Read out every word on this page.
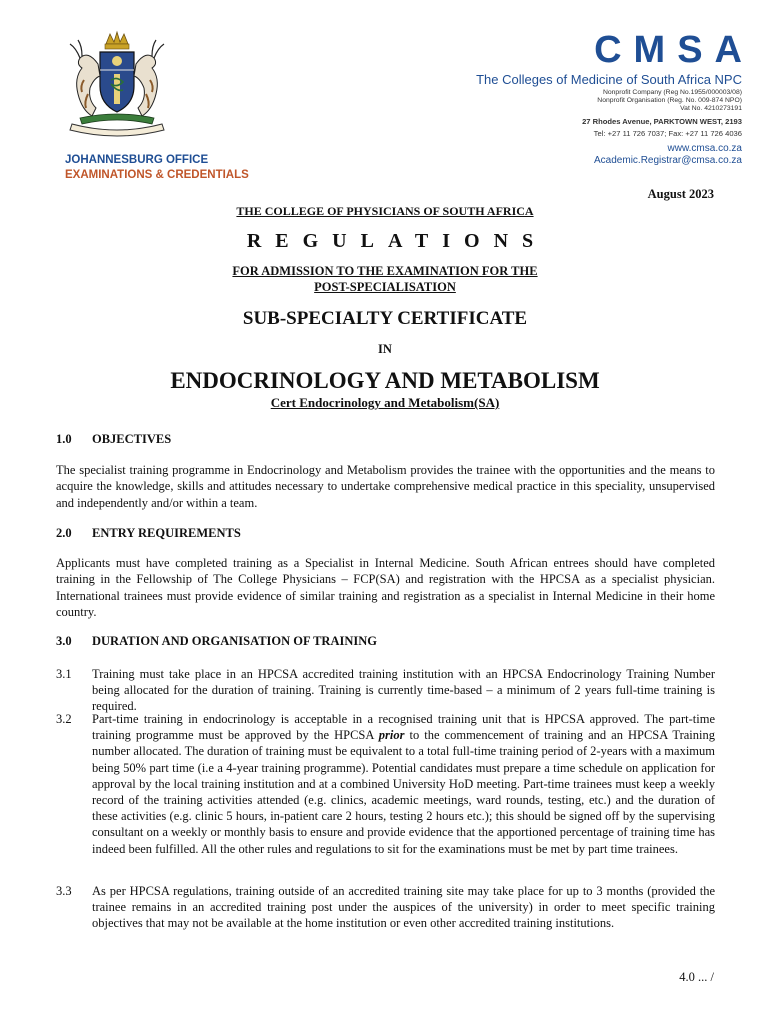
CMSA
The Colleges of Medicine of South Africa NPC
Nonprofit Company (Reg No.1955/000003/08)
Nonprofit Organisation (Reg. No. 009-874 NPO)
Vat No. 4210273191
27 Rhodes Avenue, PARKTOWN WEST, 2193
Tel: +27 11 726 7037; Fax: +27 11 726 4036
www.cmsa.co.za
Academic.Registrar@cmsa.co.za
JOHANNESBURG OFFICE
EXAMINATIONS & CREDENTIALS
August 2023
THE COLLEGE OF PHYSICIANS OF SOUTH AFRICA
REGULATIONS
FOR ADMISSION TO THE EXAMINATION FOR THE
POST-SPECIALISATION
SUB-SPECIALTY CERTIFICATE
IN
ENDOCRINOLOGY AND METABOLISM
Cert Endocrinology and Metabolism(SA)
1.0 OBJECTIVES

The specialist training programme in Endocrinology and Metabolism provides the trainee with the opportunities and the means to acquire the knowledge, skills and attitudes necessary to undertake comprehensive medical practice in this speciality, unsupervised and independently and/or within a team.

2.0 ENTRY REQUIREMENTS

Applicants must have completed training as a Specialist in Internal Medicine. South African entrees should have completed training in the Fellowship of The College Physicians – FCP(SA) and registration with the HPCSA as a specialist physician. International trainees must provide evidence of similar training and registration as a specialist in Internal Medicine in their home country.

3.0 DURATION AND ORGANISATION OF TRAINING
3.1 Training must take place in an HPCSA accredited training institution with an HPCSA Endocrinology Training Number being allocated for the duration of training. Training is currently time-based – a minimum of 2 years full-time training is required.
3.2 Part-time training in endocrinology is acceptable in a recognised training unit that is HPCSA approved. The part-time training programme must be approved by the HPCSA prior to the commencement of training and an HPCSA Training number allocated. The duration of training must be equivalent to a total full-time training period of 2-years with a maximum being 50% part time (i.e a 4-year training programme). Potential candidates must prepare a time schedule on application for approval by the local training institution and at a combined University HoD meeting. Part-time trainees must keep a weekly record of the training activities attended (e.g. clinics, academic meetings, ward rounds, testing, etc.) and the duration of these activities (e.g. clinic 5 hours, in-patient care 2 hours, testing 2 hours etc.); this should be signed off by the supervising consultant on a weekly or monthly basis to ensure and provide evidence that the apportioned percentage of training time has indeed been fulfilled. All the other rules and regulations to sit for the examinations must be met by part time trainees.
3.3 As per HPCSA regulations, training outside of an accredited training site may take place for up to 3 months (provided the trainee remains in an accredited training post under the auspices of the university) in order to meet specific training objectives that may not be available at the home institution or even other accredited training institutions.
4.0 ... /
